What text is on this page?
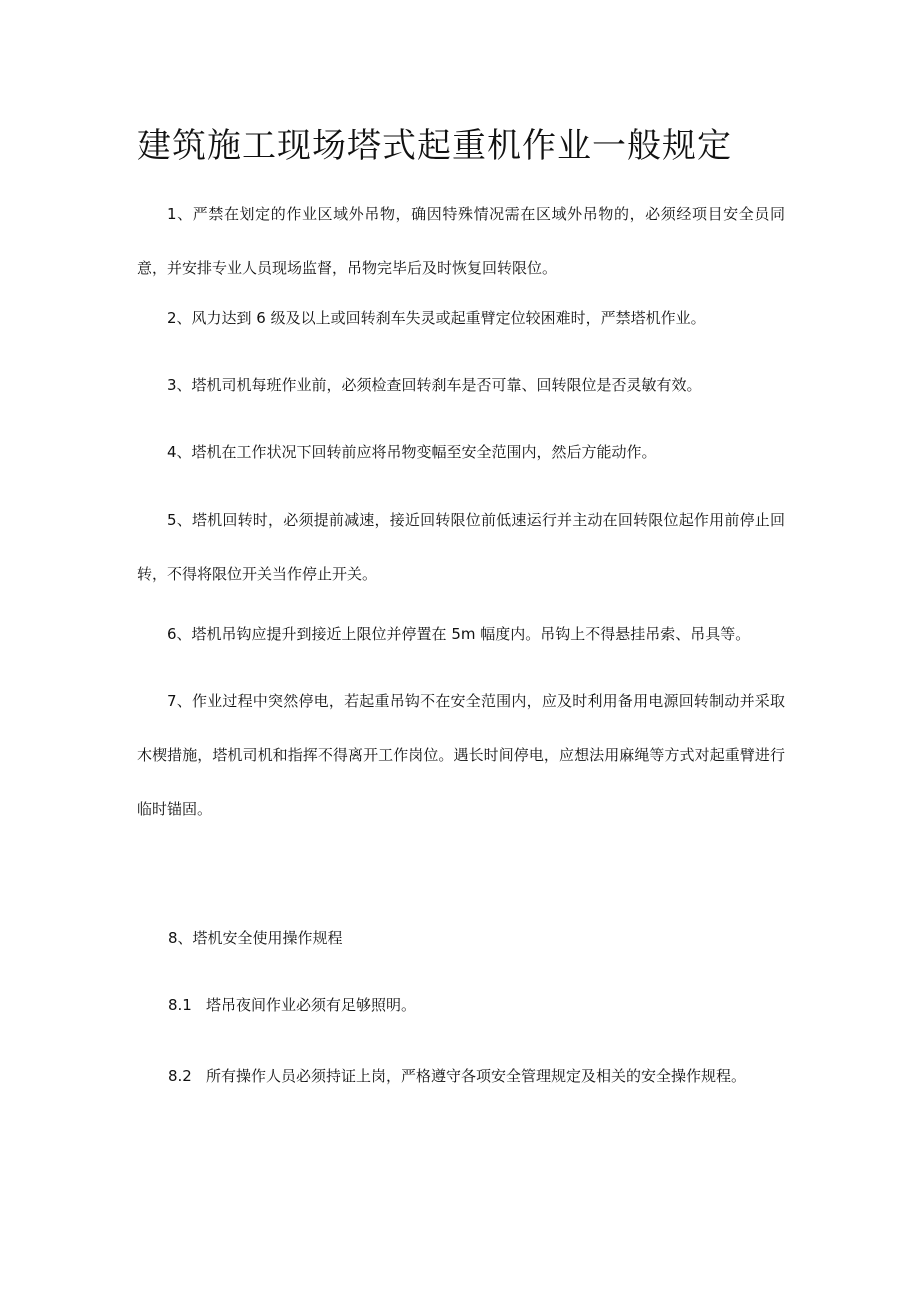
建筑施工现场塔式起重机作业一般规定

1、严禁在划定的作业区域外吊物，确因特殊情况需在区域外吊物的，必须经项目安全员同意，并安排专业人员现场监督，吊物完毕后及时恢复回转限位。

2、风力达到 6 级及以上或回转刹车失灵或起重臂定位较困难时，严禁塔机作业。

3、塔机司机每班作业前，必须检查回转刹车是否可靠、回转限位是否灵敏有效。

4、塔机在工作状况下回转前应将吊物变幅至安全范围内，然后方能动作。

5、塔机回转时，必须提前减速，接近回转限位前低速运行并主动在回转限位起作用前停止回转，不得将限位开关当作停止开关。

6、塔机吊钩应提升到接近上限位并停置在 5m 幅度内。吊钩上不得悬挂吊索、吊具等。

7、作业过程中突然停电，若起重吊钩不在安全范围内，应及时利用备用电源回转制动并采取木楔措施，塔机司机和指挥不得离开工作岗位。遇长时间停电，应想法用麻绳等方式对起重臂进行临时锚固。

8、塔机安全使用操作规程

8.1 塔吊夜间作业必须有足够照明。

8.2 所有操作人员必须持证上岗，严格遵守各项安全管理规定及相关的安全操作规程。
